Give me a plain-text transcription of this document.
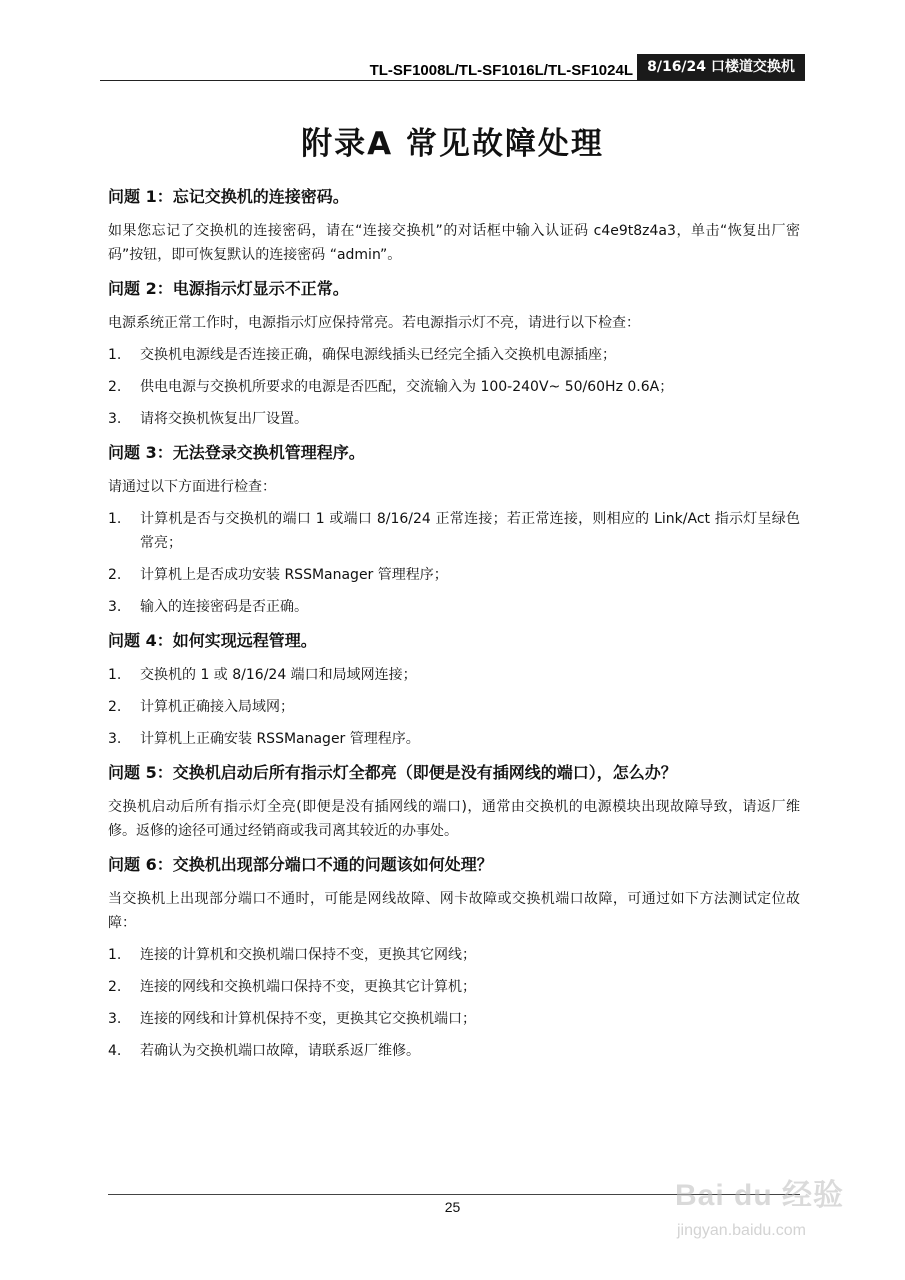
TL-SF1008L/TL-SF1016L/TL-SF1024L	8/16/24 口楼道交换机
附录A 常见故障处理
问题 1：忘记交换机的连接密码。
如果您忘记了交换机的连接密码，请在“连接交换机”的对话框中输入认证码 c4e9t8z4a3，单击“恢复出厂密码”按钮，即可恢复默认的连接密码 “admin”。
问题 2：电源指示灯显示不正常。
电源系统正常工作时，电源指示灯应保持常亮。若电源指示灯不亮，请进行以下检查：
1.	交换机电源线是否连接正确，确保电源线插头已经完全插入交换机电源插座；
2.	供电电源与交换机所要求的电源是否匹配，交流输入为 100-240V~ 50/60Hz 0.6A；
3.	请将交换机恢复出厂设置。
问题 3：无法登录交换机管理程序。
请通过以下方面进行检查：
1.	计算机是否与交换机的端口 1 或端口 8/16/24 正常连接；若正常连接，则相应的 Link/Act 指示灯呈绿色常亮；
2.	计算机上是否成功安装 RSSManager 管理程序；
3.	输入的连接密码是否正确。
问题 4：如何实现远程管理。
1.	交换机的 1 或 8/16/24 端口和局域网连接；
2.	计算机正确接入局域网；
3.	计算机上正确安装 RSSManager 管理程序。
问题 5：交换机启动后所有指示灯全都亮（即便是没有插网线的端口），怎么办？
交换机启动后所有指示灯全亮(即便是没有插网线的端口)，通常由交换机的电源模块出现故障导致，请返厂维修。返修的途径可通过经销商或我司离其较近的办事处。
问题 6：交换机出现部分端口不通的问题该如何处理？
当交换机上出现部分端口不通时，可能是网线故障、网卡故障或交换机端口故障，可通过如下方法测试定位故障：
1.	连接的计算机和交换机端口保持不变，更换其它网线；
2.	连接的网线和交换机端口保持不变，更换其它计算机；
3.	连接的网线和计算机保持不变，更换其它交换机端口；
4.	若确认为交换机端口故障，请联系返厂维修。
25	Bai du 经验
jingyan.baidu.com
